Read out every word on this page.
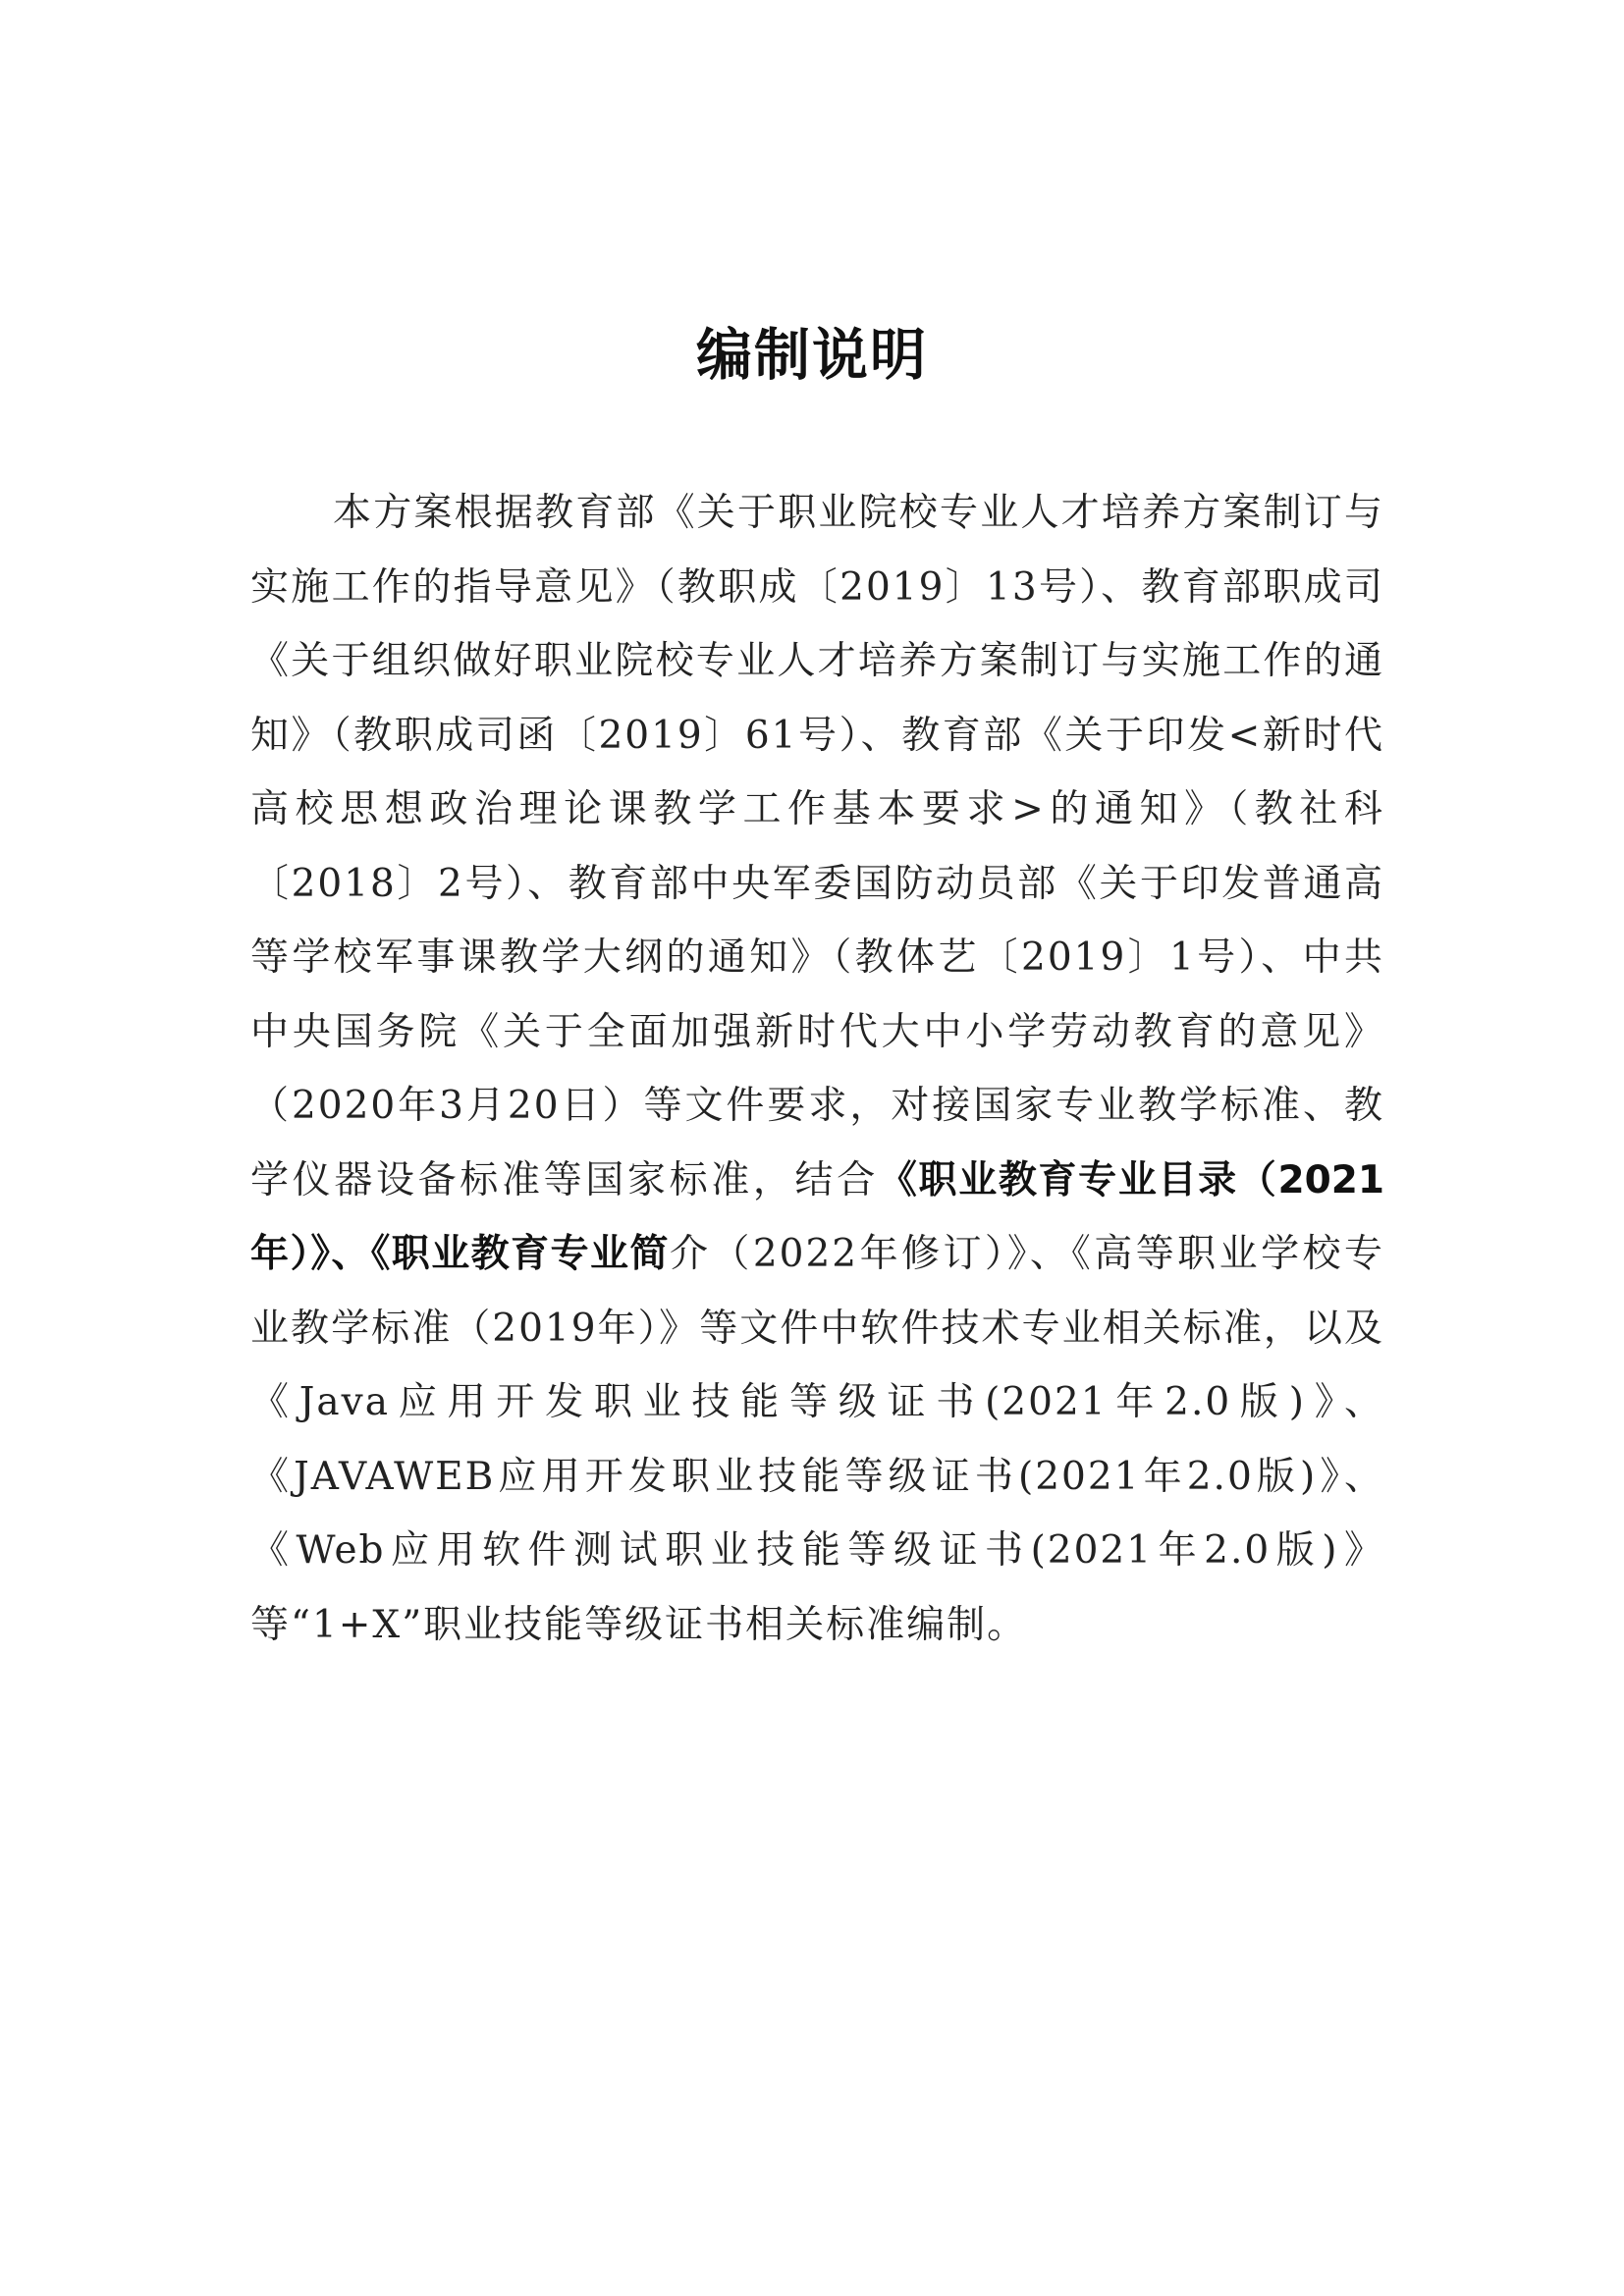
编制说明

本方案根据教育部《关于职业院校专业人才培养方案制订与实施工作的指导意见》（教职成〔2019〕13号）、教育部职成司《关于组织做好职业院校专业人才培养方案制订与实施工作的通知》（教职成司函〔2019〕61号）、教育部《关于印发<新时代高校思想政治理论课教学工作基本要求>的通知》（教社科〔2018〕2号）、教育部中央军委国防动员部《关于印发普通高等学校军事课教学大纲的通知》（教体艺〔2019〕1号）、中共中央国务院《关于全面加强新时代大中小学劳动教育的意见》（2020年3月20日）等文件要求，对接国家专业教学标准、教学仪器设备标准等国家标准，结合《职业教育专业目录（2021年）》、《职业教育专业简介（2022年修订）》、《高等职业学校专业教学标准（2019年）》等文件中软件技术专业相关标准，以及《Java应用开发职业技能等级证书(2021年2.0版)》、《JAVAWEB应用开发职业技能等级证书(2021年2.0版)》、《Web应用软件测试职业技能等级证书(2021年2.0版)》等“1+X”职业技能等级证书相关标准编制。
